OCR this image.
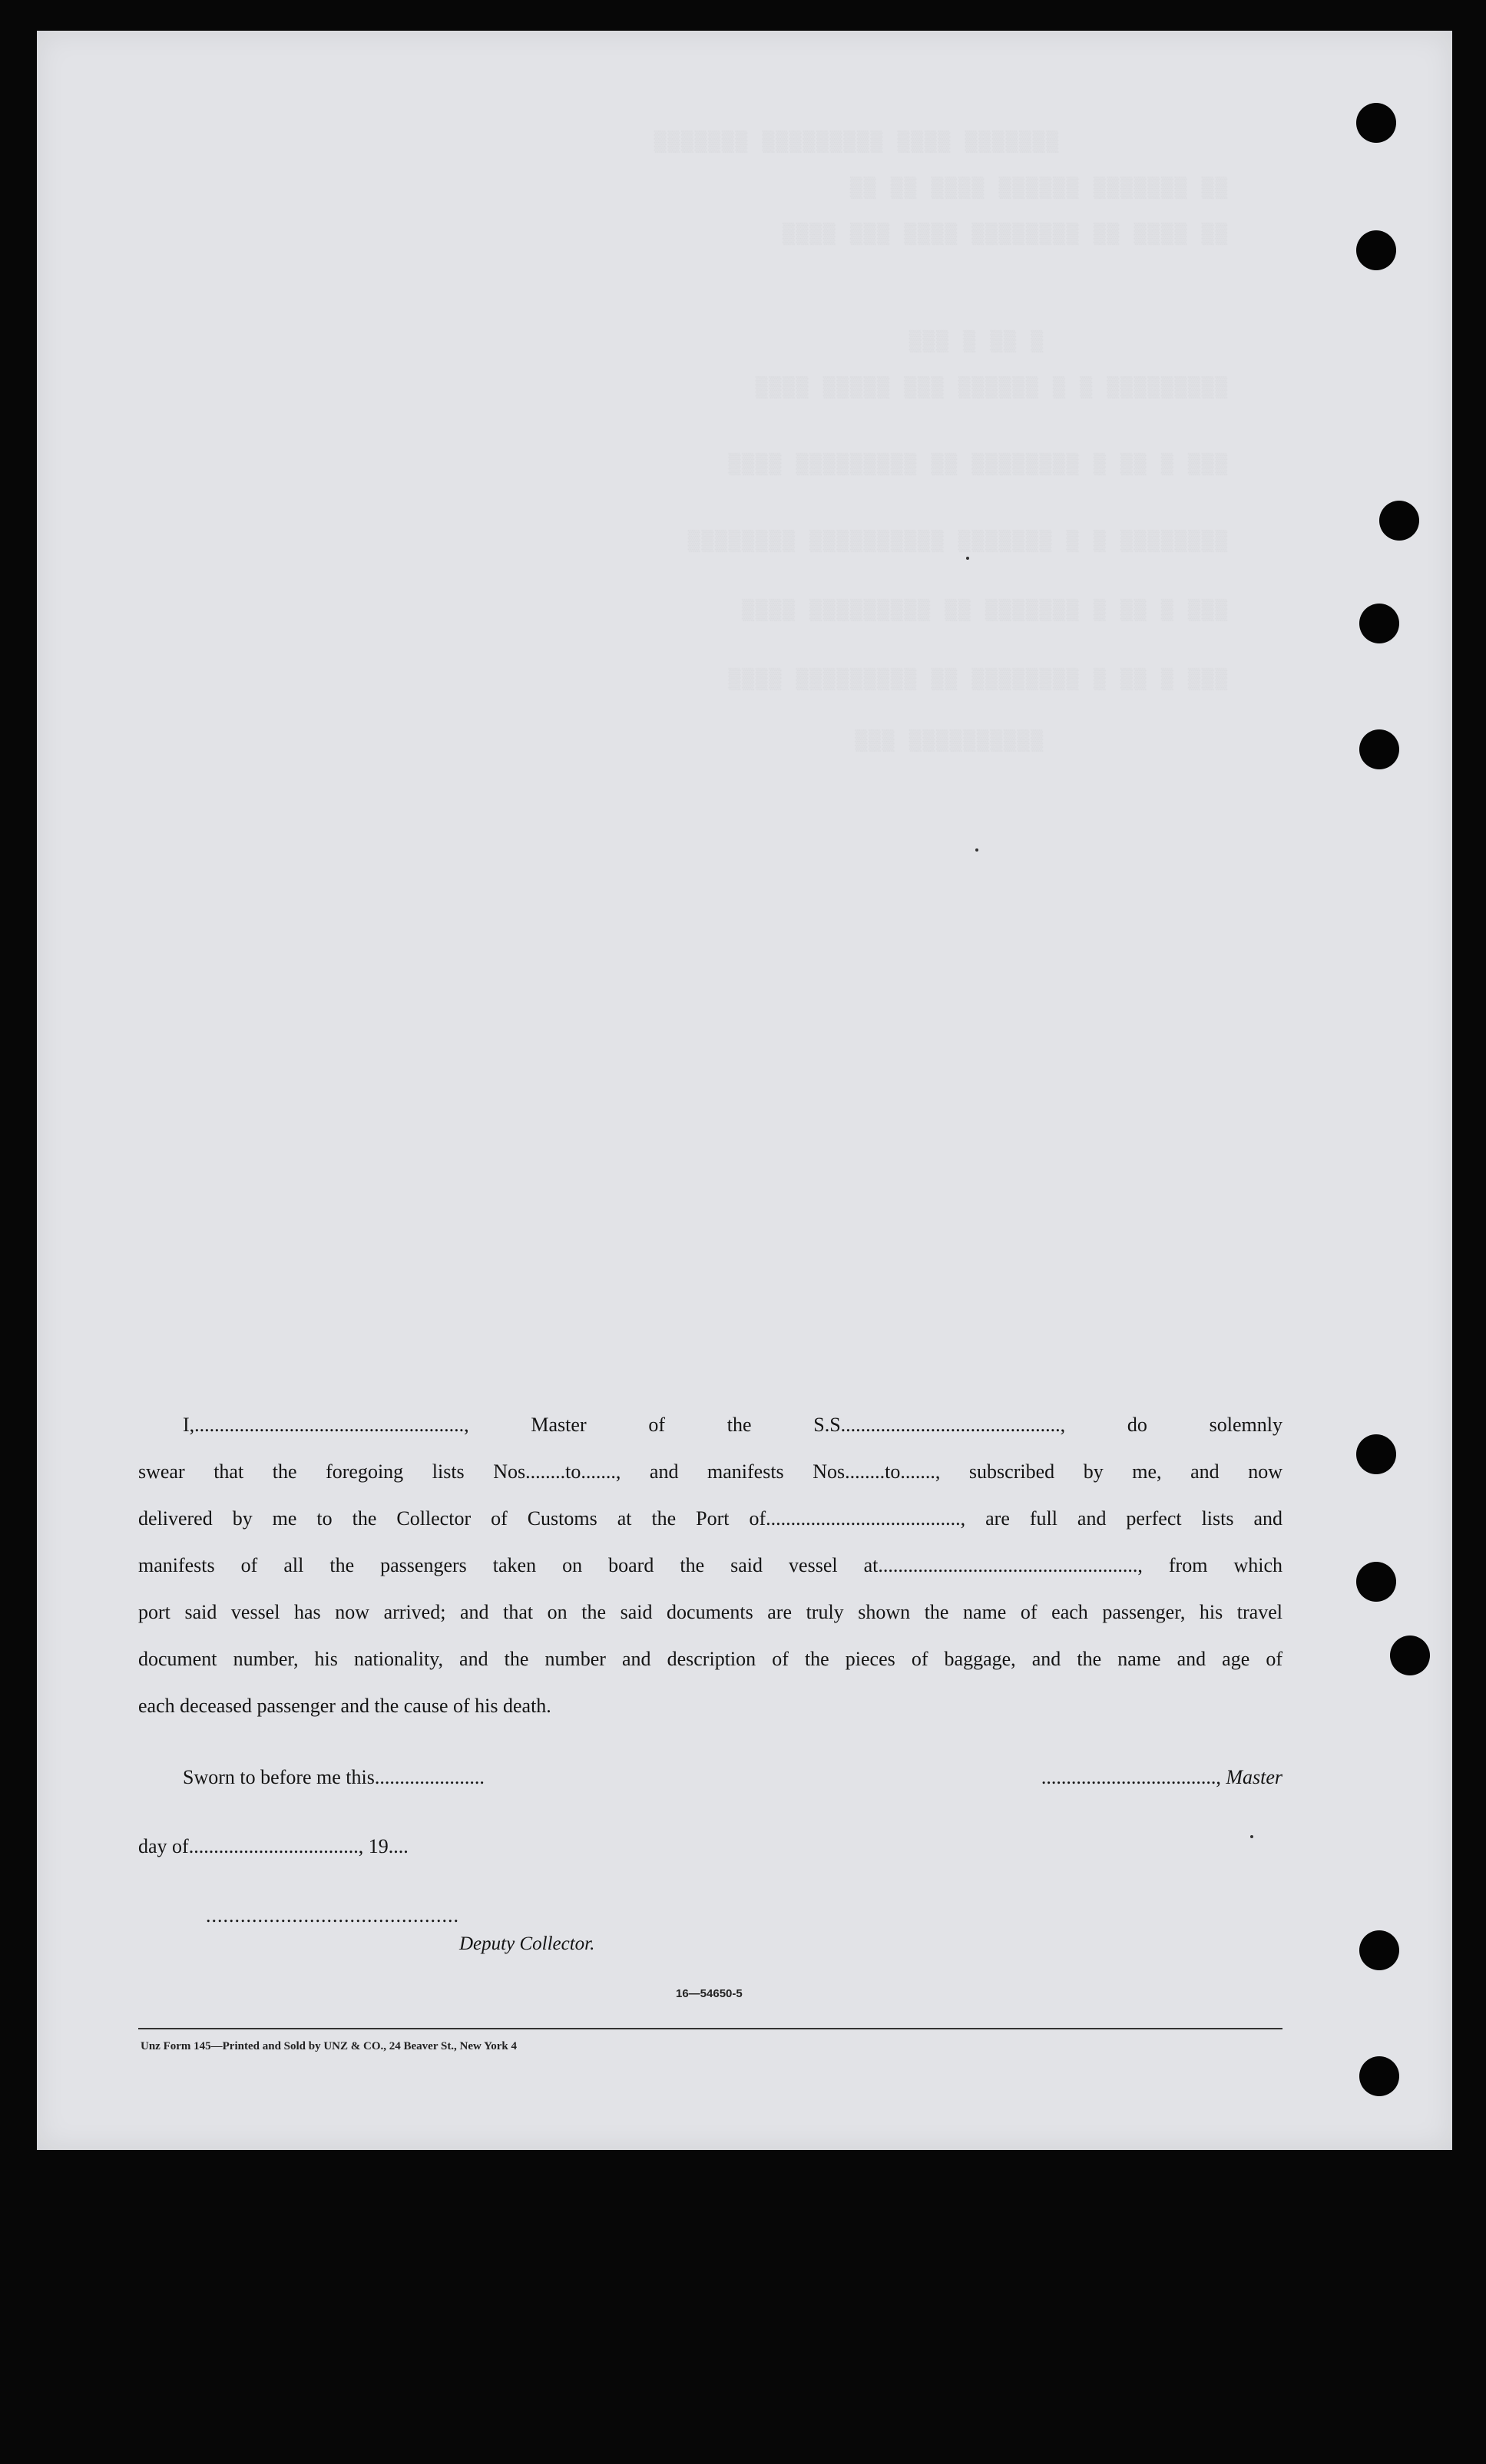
▒▒▒▒▒▒▒ ▒▒▒▒ ▒▒▒▒▒▒▒▒▒ ▒▒▒▒▒▒▒
▒▒ ▒▒▒▒▒▒▒ ▒▒▒▒▒▒ ▒▒▒▒ ▒▒ ▒▒
▒▒ ▒▒▒▒ ▒▒ ▒▒▒▒▒▒▒▒ ▒▒▒▒ ▒▒▒ ▒▒▒▒
▒ ▒▒ ▒ ▒▒▒
▒▒▒▒▒▒▒▒▒ ▒ ▒ ▒▒▒▒▒▒ ▒▒▒ ▒▒▒▒▒ ▒▒▒▒
▒▒▒ ▒ ▒▒ ▒ ▒▒▒▒▒▒▒▒ ▒▒ ▒▒▒▒▒▒▒▒▒ ▒▒▒▒
▒▒▒▒▒▒▒▒ ▒ ▒ ▒▒▒▒▒▒▒ ▒▒▒▒▒▒▒▒▒▒ ▒▒▒▒▒▒▒▒
▒▒▒ ▒ ▒▒ ▒ ▒▒▒▒▒▒▒ ▒▒ ▒▒▒▒▒▒▒▒▒ ▒▒▒▒
▒▒▒ ▒ ▒▒ ▒ ▒▒▒▒▒▒▒▒ ▒▒ ▒▒▒▒▒▒▒▒▒ ▒▒▒▒
▒▒▒▒▒▒▒▒▒▒ ▒▒▒

I,......................................................, Master of the S.S............................................, do solemnly

swear that the foregoing lists Nos........to......., and manifests Nos........to......., subscribed by me, and now

delivered by me to the Collector of Customs at the Port of......................................., are full and perfect lists and

manifests of all the passengers taken on board the said vessel at...................................................., from which

port said vessel has now arrived; and that on the said documents are truly shown the name of each passenger, his travel

document number, his nationality, and the number and description of the pieces of baggage, and the name and age of

each deceased passenger and the cause of his death.

Sworn to before me this......................	..................................., Master
day of.................................., 19....
............................................
Deputy Collector.
16—54650-5
Unz Form 145—Printed and Sold by UNZ & CO., 24 Beaver St., New York 4
